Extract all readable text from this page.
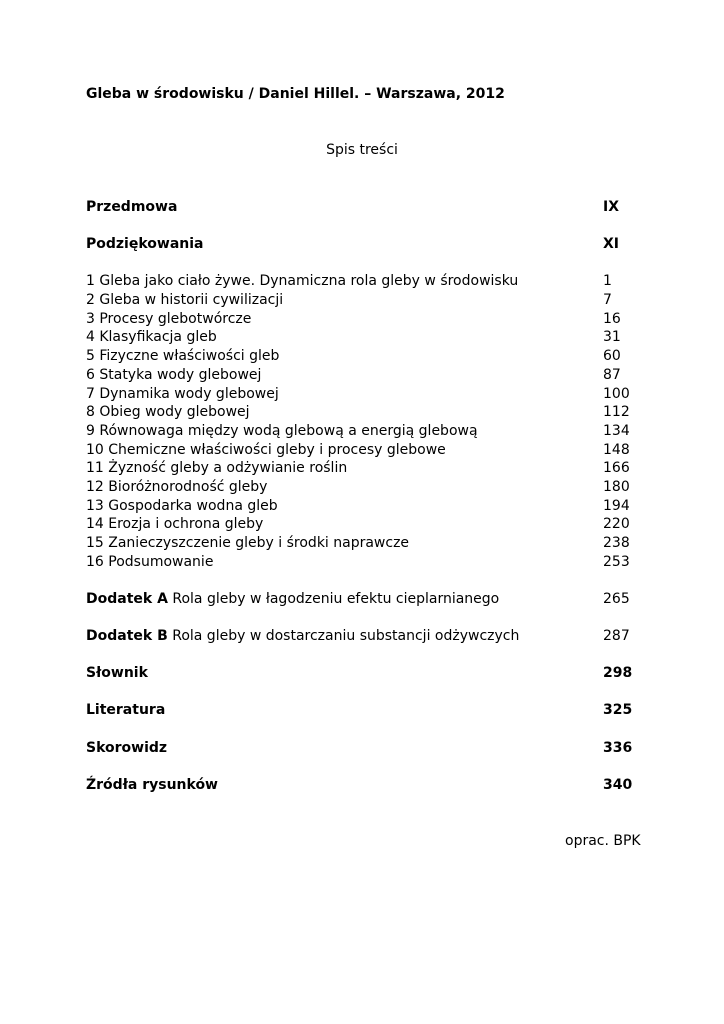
Gleba w środowisku / Daniel Hillel. – Warszawa, 2012
Spis treści
Przedmowa	IX
Podziękowania	XI
1 Gleba jako ciało żywe. Dynamiczna rola gleby w środowisku	1
2 Gleba w historii cywilizacji	7
3 Procesy glebotwórcze	16
4 Klasyfikacja gleb	31
5 Fizyczne właściwości gleb	60
6 Statyka wody glebowej	87
7 Dynamika wody glebowej	100
8 Obieg wody glebowej	112
9 Równowaga między wodą glebową a energią glebową	134
10 Chemiczne właściwości gleby i procesy glebowe	148
11 Żyzność gleby a odżywianie roślin	166
12 Bioróżnorodność gleby	180
13 Gospodarka wodna gleb	194
14 Erozja i ochrona gleby	220
15 Zanieczyszczenie gleby i środki naprawcze	238
16 Podsumowanie	253
Dodatek A Rola gleby w łagodzeniu efektu cieplarnianego	265
Dodatek B Rola gleby w dostarczaniu substancji odżywczych	287
Słownik	298
Literatura	325
Skorowidz	336
Źródła rysunków	340
oprac. BPK
